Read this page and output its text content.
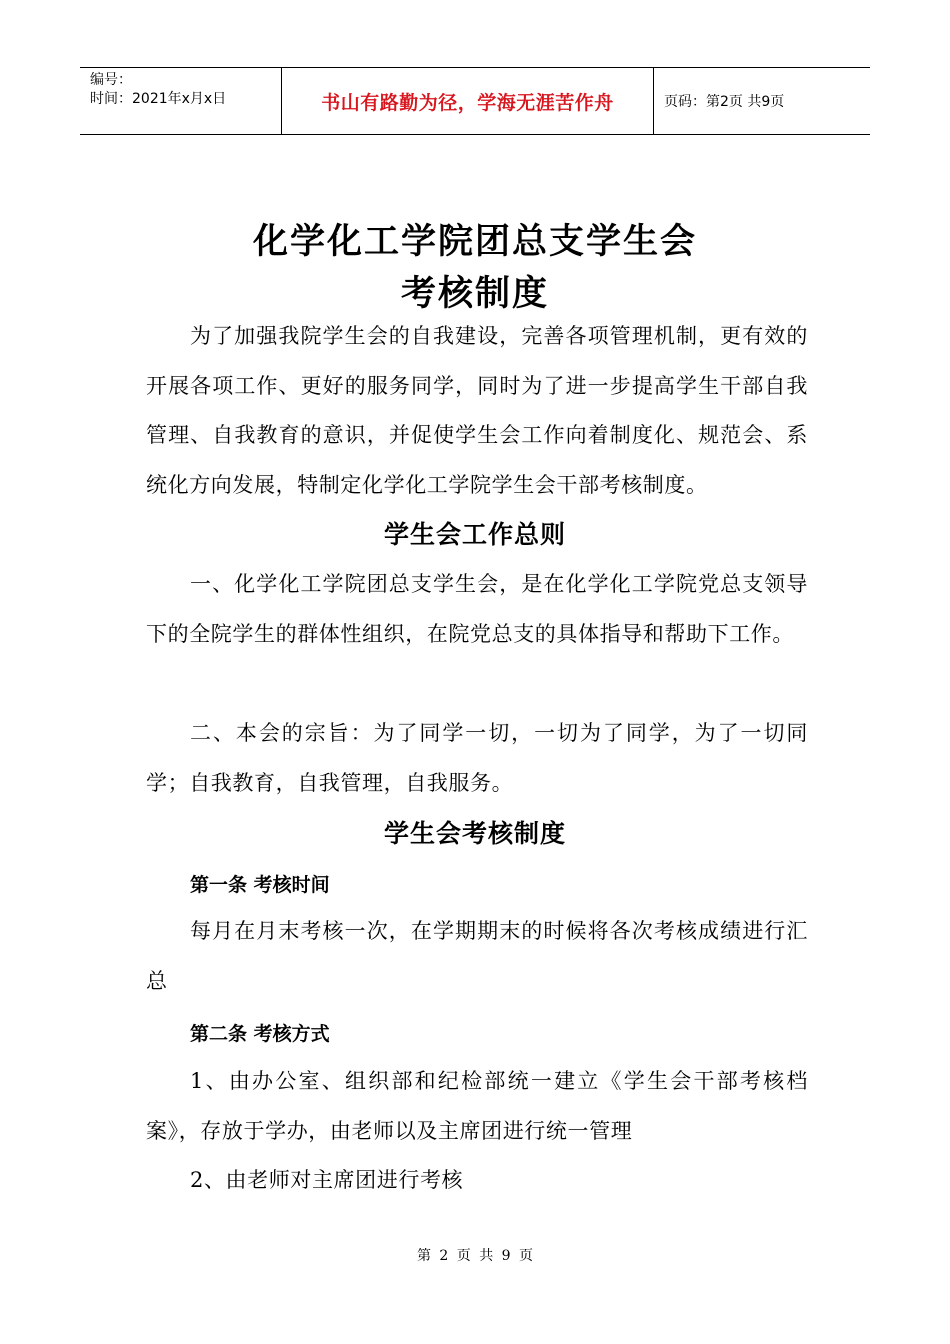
编号：
时间：2021年x月x日	书山有路勤为径，学海无涯苦作舟	页码：第2页 共9页
化学化工学院团总支学生会
考核制度
为了加强我院学生会的自我建设，完善各项管理机制，更有效的开展各项工作、更好的服务同学，同时为了进一步提高学生干部自我管理、自我教育的意识，并促使学生会工作向着制度化、规范会、系统化方向发展，特制定化学化工学院学生会干部考核制度。
学生会工作总则
一、化学化工学院团总支学生会，是在化学化工学院党总支领导下的全院学生的群体性组织，在院党总支的具体指导和帮助下工作。
二、本会的宗旨：为了同学一切，一切为了同学，为了一切同学；自我教育，自我管理，自我服务。
学生会考核制度
第一条 考核时间
每月在月末考核一次，在学期期末的时候将各次考核成绩进行汇总
第二条 考核方式
1、由办公室、组织部和纪检部统一建立《学生会干部考核档案》，存放于学办，由老师以及主席团进行统一管理
2、由老师对主席团进行考核
第 2 页 共 9 页
